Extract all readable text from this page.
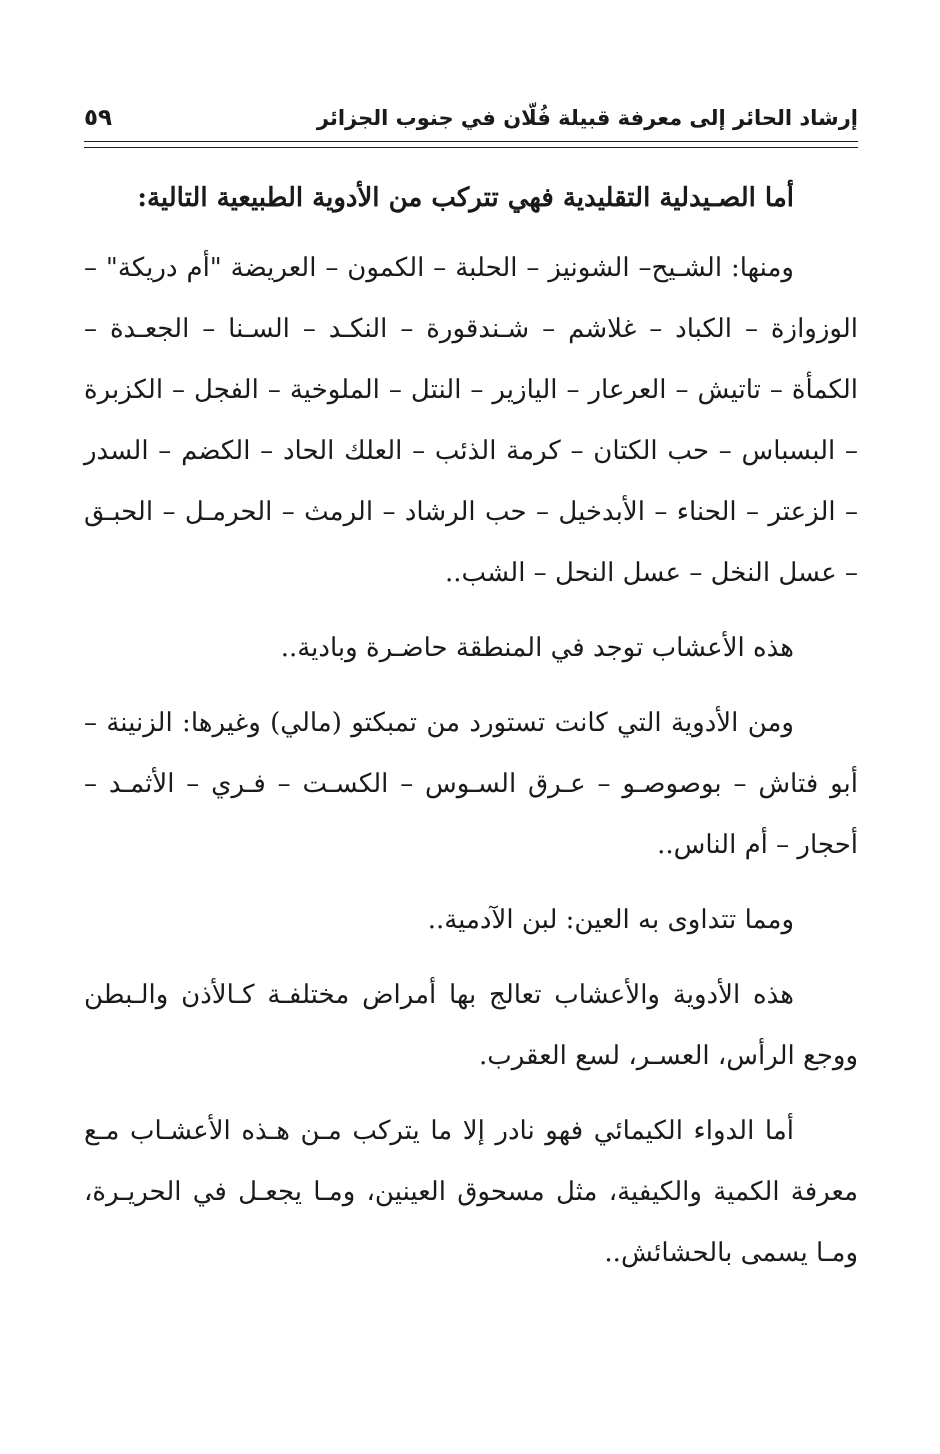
إرشاد الحائر إلى معرفة قبيلة فُلّان في جنوب الجزائر
٥٩

أما الصـيدلية التقليدية فهي تتركب من الأدوية الطبيعية التالية:

ومنها: الشـيح– الشونيز – الحلبة – الكمون – العريضة "أم دريكة" – الوزوازة – الكباد – غلاشم – شـندقورة – النكـد – السـنا – الجعـدة – الكمأة – تاتيش – العرعار – اليازير – النتل – الملوخية – الفجل – الكزبرة – البسباس – حب الكتان – كرمة الذئب – العلك الحاد – الكضم – السدر – الزعتر – الحناء – الأبدخيل – حب الرشاد – الرمث – الحرمـل – الحبـق – عسل النخل – عسل النحل – الشب..

هذه الأعشاب توجد في المنطقة حاضـرة وبادية..

ومن الأدوية التي كانت تستورد من تمبكتو (مالي) وغيرها: الزنينة – أبو فتاش – بوصوصـو – عـرق السـوس – الكسـت – فـري – الأثمـد – أحجار – أم الناس..

ومما تتداوى به العين: لبن الآدمية..

هذه الأدوية والأعشاب تعالج بها أمراض مختلفـة كـالأذن والـبطن ووجع الرأس، العسـر، لسع العقرب.

أما الدواء الكيمائي فهو نادر إلا ما يتركب مـن هـذه الأعشـاب مـع معرفة الكمية والكيفية، مثل مسحوق العينين، ومـا يجعـل في الحريـرة، ومـا يسمى بالحشائش..
